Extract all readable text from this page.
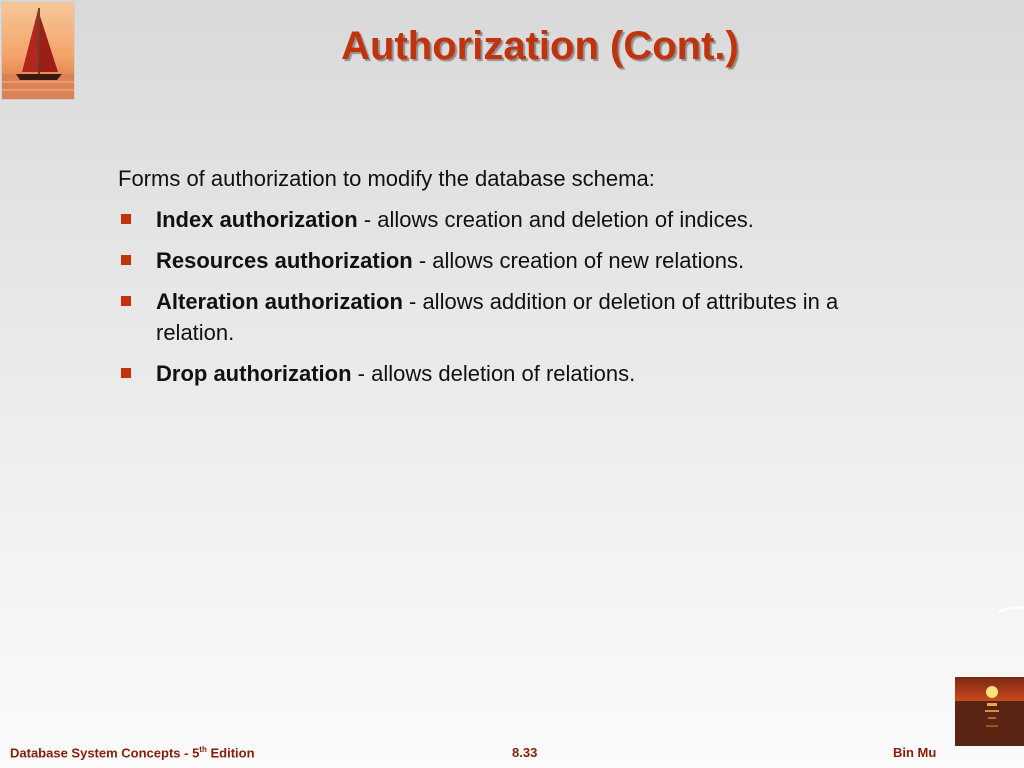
Authorization (Cont.)

Forms of authorization to modify the database schema:

Index authorization - allows creation and deletion of indices.
Resources authorization - allows creation of new relations.
Alteration authorization - allows addition or deletion of attributes in a relation.
Drop authorization - allows deletion of relations.
Database System Concepts - 5th Edition	8.33	Bin Mu
